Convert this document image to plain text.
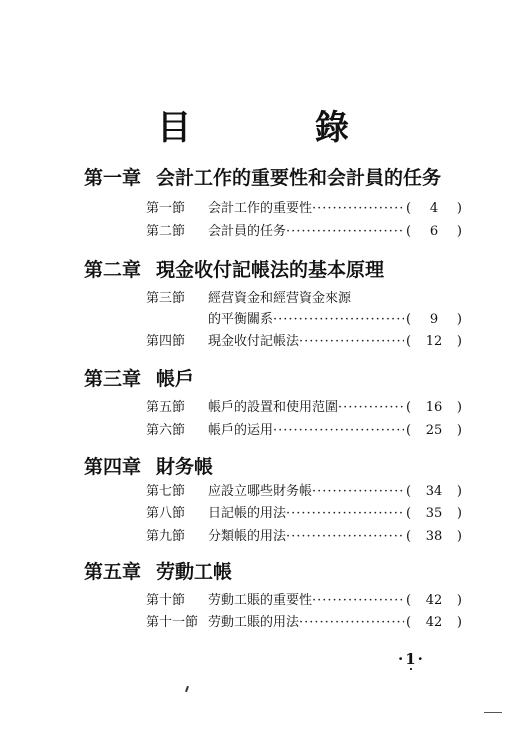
目 錄
第一章 会計工作的重要性和会計員的任务
第一節 会計工作的重要性 ·····	( 4 )
第二節 会計員的任务 ·····	( 6 )
第二章 現金收付記帳法的基本原理
第三節 經营資金和經营資金來源
的平衡關系 ·····	( 9 )
第四節 現金收付記帳法 ·····	( 12 )
第三章 帳戶
第五節 帳戶的設置和使用范圍 ·····	( 16 )
第六節 帳戶的运用 ·····	( 25 )
第四章 財务帳
第七節 应設立哪些財务帳 ·····	( 34 )
第八節 日記帳的用法 ·····	( 35 )
第九節 分類帳的用法 ·····	( 38 )
第五章 劳動工帳
第十節 劳動工賬的重要性 ·····	( 42 )
第十一節 劳動工賬的用法 ·····	( 42 )
·1·
